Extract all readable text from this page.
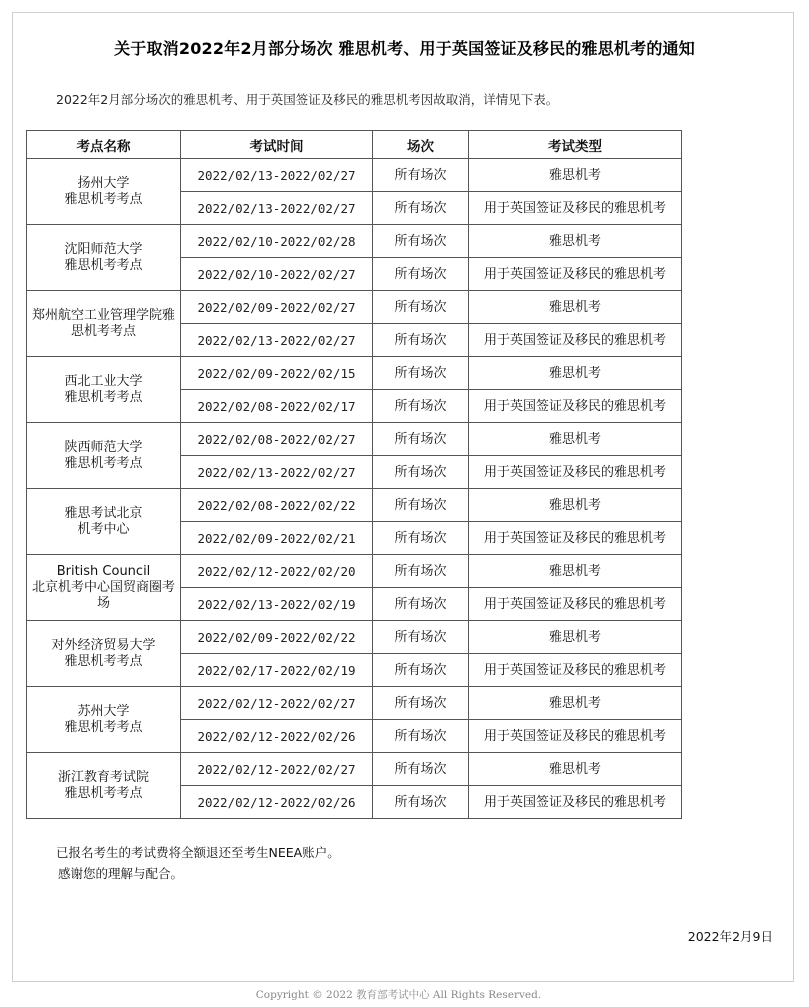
关于取消2022年2月部分场次 雅思机考、用于英国签证及移民的雅思机考的通知
2022年2月部分场次的雅思机考、用于英国签证及移民的雅思机考因故取消，详情见下表。
考点名称	考试时间	场次	考试类型
扬州大学
雅思机考考点	2022/02/13-2022/02/27	所有场次	雅思机考
	2022/02/13-2022/02/27	所有场次	用于英国签证及移民的雅思机考
沈阳师范大学
雅思机考考点	2022/02/10-2022/02/28	所有场次	雅思机考
	2022/02/10-2022/02/27	所有场次	用于英国签证及移民的雅思机考
郑州航空工业管理学院雅思机考考点	2022/02/09-2022/02/27	所有场次	雅思机考
	2022/02/13-2022/02/27	所有场次	用于英国签证及移民的雅思机考
西北工业大学
雅思机考考点	2022/02/09-2022/02/15	所有场次	雅思机考
	2022/02/08-2022/02/17	所有场次	用于英国签证及移民的雅思机考
陕西师范大学
雅思机考考点	2022/02/08-2022/02/27	所有场次	雅思机考
	2022/02/13-2022/02/27	所有场次	用于英国签证及移民的雅思机考
雅思考试北京
机考中心	2022/02/08-2022/02/22	所有场次	雅思机考
	2022/02/09-2022/02/21	所有场次	用于英国签证及移民的雅思机考
British Council
北京机考中心国贸商圈考场	2022/02/12-2022/02/20	所有场次	雅思机考
	2022/02/13-2022/02/19	所有场次	用于英国签证及移民的雅思机考
对外经济贸易大学
雅思机考考点	2022/02/09-2022/02/22	所有场次	雅思机考
	2022/02/17-2022/02/19	所有场次	用于英国签证及移民的雅思机考
苏州大学
雅思机考考点	2022/02/12-2022/02/27	所有场次	雅思机考
	2022/02/12-2022/02/26	所有场次	用于英国签证及移民的雅思机考
浙江教育考试院
雅思机考考点	2022/02/12-2022/02/27	所有场次	雅思机考
	2022/02/12-2022/02/26	所有场次	用于英国签证及移民的雅思机考
已报名考生的考试费将全额退还至考生NEEA账户。
感谢您的理解与配合。
2022年2月9日
Copyright © 2022 教育部考试中心 All Rights Reserved.
